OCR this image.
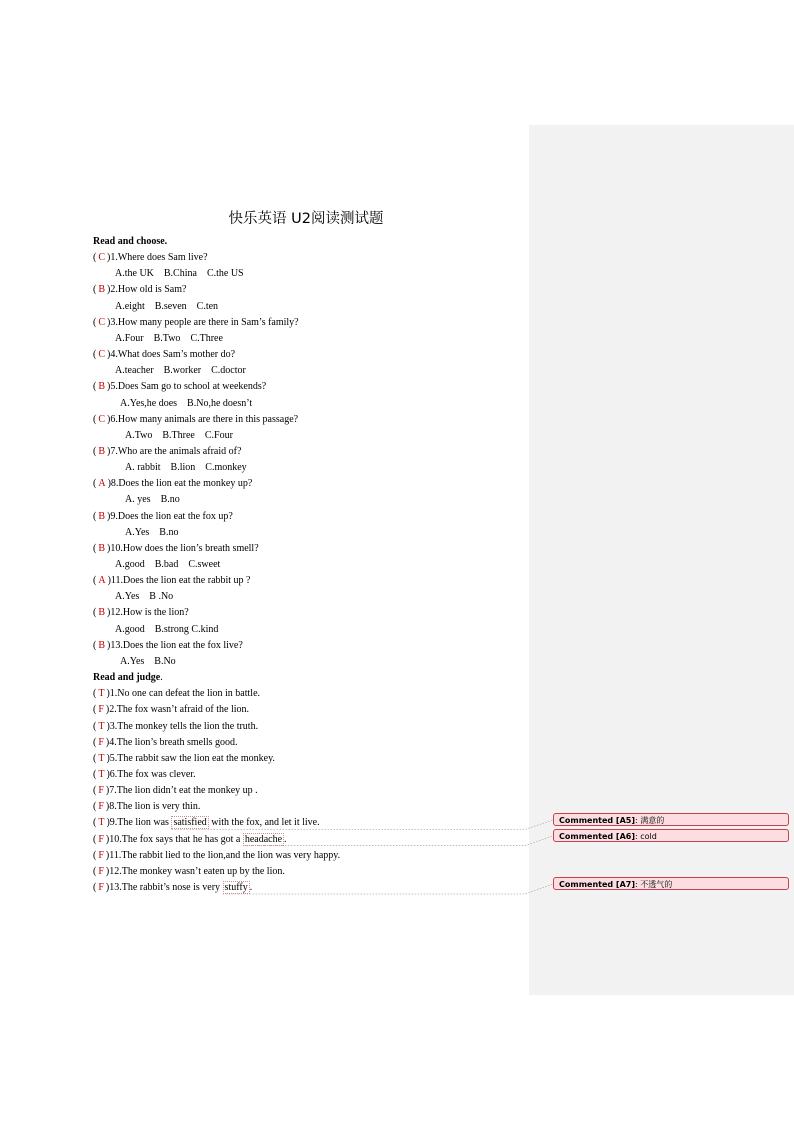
快乐英语 U2阅读测试题
Read and choose.
( C )1.Where does Sam live?
A.the UK B.China C.the US
( B )2.How old is Sam?
A.eight B.seven C.ten
( C )3.How many people are there in Sam’s family?
A.Four B.Two C.Three
( C )4.What does Sam’s mother do?
A.teacher B.worker C.doctor
( B )5.Does Sam go to school at weekends?
A.Yes,he does B.No,he doesn’t
( C )6.How many animals are there in this passage?
A.Two B.Three C.Four
( B )7.Who are the animals afraid of?
A. rabbit B.lion C.monkey
( A )8.Does the lion eat the monkey up?
A. yes B.no
( B )9.Does the lion eat the fox up?
A.Yes B.no
( B )10.How does the lion’s breath smell?
A.good B.bad C.sweet
( A )11.Does the lion eat the rabbit up ?
A.Yes B .No
( B )12.How is the lion?
A.good B.strong C.kind
( B )13.Does the lion eat the fox live?
A.Yes B.No
Read and judge.
( T )1.No one can defeat the lion in battle.
( F )2.The fox wasn’t afraid of the lion.
( T )3.The monkey tells the lion the truth.
( F )4.The lion’s breath smells good.
( T )5.The rabbit saw the lion eat the monkey.
( T )6.The fox was clever.
( F )7.The lion didn’t eat the monkey up .
( F )8.The lion is very thin.
( T )9.The lion was satisfied with the fox, and let it live.
( F )10.The fox says that he has got a headache .
( F )11.The rabbit lied to the lion,and the lion was very happy.
( F )12.The monkey wasn’t eaten up by the lion.
( F )13.The rabbit’s nose is very stuffy .
Commented [A5]: 满意的
Commented [A6]: cold
Commented [A7]: 不透气的
